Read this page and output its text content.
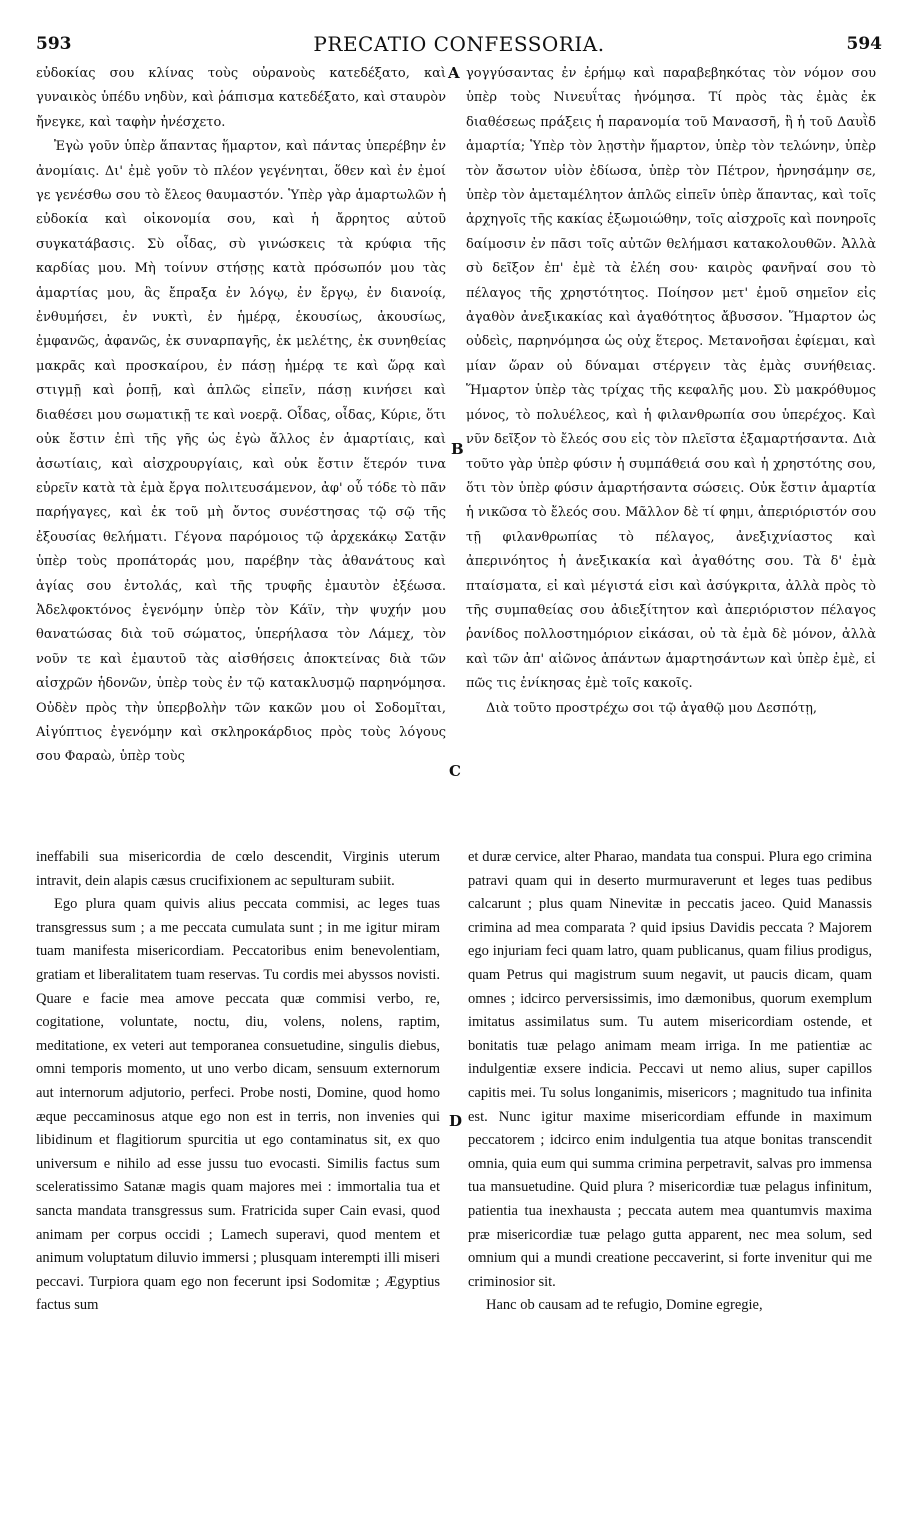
593	PRECATIO CONFESSORIA.	594

εὐδοκίας σου κλίνας τοὺς οὐρανοὺς κατεδέξατο, καὶ γυναικὸς ὑπέδυ νηδὺν, καὶ ῥάπισμα κατεδέξατο, καὶ σταυρὸν ἤνεγκε, καὶ ταφὴν ἠνέσχετο.

Ἐγὼ γοῦν ὑπὲρ ἅπαντας ἥμαρτον, καὶ πάντας ὑπερέβην ἐν ἀνομίαις. Δι' ἐμὲ γοῦν τὸ πλέον γεγένηται, ὅθεν καὶ ἐν ἐμοί γε γενέσθω σου τὸ ἔλεος θαυμαστόν. Ὑπὲρ γὰρ ἁμαρτωλῶν ἡ εὐδοκία καὶ οἰκονομία σου, καὶ ἡ ἄρρητος αὐτοῦ συγκατάβασις. Σὺ οἶδας, σὺ γινώσκεις τὰ κρύφια τῆς καρδίας μου. Μὴ τοίνυν στήσῃς κατὰ πρόσωπόν μου τὰς ἁμαρτίας μου, ἃς ἔπραξα ἐν λόγῳ, ἐν ἔργῳ, ἐν διανοίᾳ, ἐνθυμήσει, ἐν νυκτὶ, ἐν ἡμέρᾳ, ἑκουσίως, ἀκουσίως, ἐμφανῶς, ἀφανῶς, ἐκ συναρπαγῆς, ἐκ μελέτης, ἐκ συνηθείας μακρᾶς καὶ προσκαίρου, ἐν πάσῃ ἡμέρᾳ τε καὶ ὥρᾳ καὶ στιγμῇ καὶ ῥοπῇ, καὶ ἁπλῶς εἰπεῖν, πάσῃ κινήσει καὶ διαθέσει μου σωματικῇ τε καὶ νοερᾷ. Οἶδας, οἶδας, Κύριε, ὅτι οὐκ ἔστιν ἐπὶ τῆς γῆς ὡς ἐγὼ ἄλλος ἐν ἁμαρτίαις, καὶ ἀσωτίαις, καὶ αἰσχρουργίαις, καὶ οὐκ ἔστιν ἕτερόν τινα εὑρεῖν κατὰ τὰ ἐμὰ ἔργα πολιτευσάμενον, ἀφ' οὗ τόδε τὸ πᾶν παρήγαγες, καὶ ἐκ τοῦ μὴ ὄντος συνέστησας τῷ σῷ τῆς ἐξουσίας θελήματι. Γέγονα παρόμοιος τῷ ἀρχεκάκῳ Σατᾷν ὑπὲρ τοὺς προπάτοράς μου, παρέβην τὰς ἀθανάτους καὶ ἁγίας σου ἐντολάς, καὶ τῆς τρυφῆς ἐμαυτὸν ἐξέωσα. Ἀδελφοκτόνος ἐγενόμην ὑπὲρ τὸν Κάϊν, τὴν ψυχήν μου θανατώσας διὰ τοῦ σώματος, ὑπερήλασα τὸν Λάμεχ, τὸν νοῦν τε καὶ ἐμαυτοῦ τὰς αἰσθήσεις ἀποκτείνας διὰ τῶν αἰσχρῶν ἡδονῶν, ὑπὲρ τοὺς ἐν τῷ κατακλυσμῷ παρηνόμησα. Οὐδὲν πρὸς τὴν ὑπερβολὴν τῶν κακῶν μου οἱ Σοδομῖται, Αἰγύπτιος ἐγενόμην καὶ σκληροκάρδιος πρὸς τοὺς λόγους σου Φαραὼ, ὑπὲρ τοὺς

γογγύσαντας ἐν ἐρήμῳ καὶ παραβεβηκότας τὸν νόμον σου ὑπὲρ τοὺς Νινευΐτας ἠνόμησα. Τί πρὸς τὰς ἐμὰς ἐκ διαθέσεως πράξεις ἡ παρανομία τοῦ Μανασσῆ, ἢ ἡ τοῦ Δαυῒδ ἁμαρτία; Ὑπὲρ τὸν λῃστὴν ἥμαρτον, ὑπὲρ τὸν τελώνην, ὑπὲρ τὸν ἄσωτον υἱὸν ἐδίωσα, ὑπὲρ τὸν Πέτρον, ἠρνησάμην σε, ὑπὲρ τὸν ἀμεταμέλητον ἁπλῶς εἰπεῖν ὑπὲρ ἅπαντας, καὶ τοῖς ἀρχηγοῖς τῆς κακίας ἐξωμοιώθην, τοῖς αἰσχροῖς καὶ πονηροῖς δαίμοσιν ἐν πᾶσι τοῖς αὐτῶν θελήμασι κατακολουθῶν. Ἀλλὰ σὺ δεῖξον ἐπ' ἐμὲ τὰ ἐλέη σου· καιρὸς φανῆναί σου τὸ πέλαγος τῆς χρηστότητος. Ποίησον μετ' ἐμοῦ σημεῖον εἰς ἀγαθὸν ἀνεξικακίας καὶ ἀγαθότητος ἄβυσσον. Ἥμαρτον ὡς οὐδεὶς, παρηνόμησα ὡς οὐχ ἕτερος. Μετανοῆσαι ἐφίεμαι, καὶ μίαν ὥραν οὐ δύναμαι στέργειν τὰς ἐμὰς συνήθειας. Ἥμαρτον ὑπὲρ τὰς τρίχας τῆς κεφαλῆς μου. Σὺ μακρόθυμος μόνος, τὸ πολυέλεος, καὶ ἡ φιλανθρωπία σου ὑπερέχος. Καὶ νῦν δεῖξον τὸ ἔλεός σου εἰς τὸν πλεῖστα ἐξαμαρτήσαντα. Διὰ τοῦτο γὰρ ὑπὲρ φύσιν ἡ συμπάθειά σου καὶ ἡ χρηστότης σου, ὅτι τὸν ὑπὲρ φύσιν ἁμαρτήσαντα σώσεις. Οὐκ ἔστιν ἁμαρτία ἡ νικῶσα τὸ ἔλεός σου. Μᾶλλον δὲ τί φημι, ἀπεριόριστόν σου τῇ φιλανθρωπίας τὸ πέλαγος, ἀνεξιχνίαστος καὶ ἀπερινόητος ἡ ἀνεξικακία καὶ ἀγαθότης σου. Τὰ δ' ἐμὰ πταίσματα, εἰ καὶ μέγιστά εἰσι καὶ ἀσύγκριτα, ἀλλὰ πρὸς τὸ τῆς συμπαθείας σου ἀδιεξίτητον καὶ ἀπεριόριστον πέλαγος ῥανίδος πολλοστημόριον εἰκάσαι, οὐ τὰ ἐμὰ δὲ μόνον, ἀλλὰ καὶ τῶν ἀπ' αἰῶνος ἁπάντων ἁμαρτησάντων καὶ ὑπὲρ ἐμὲ, εἰ πῶς τις ἐνίκησας ἐμὲ τοῖς κακοῖς.

Διὰ τοῦτο προστρέχω σοι τῷ ἀγαθῷ μου Δεσπότῃ,

A
B
C
D

ineffabili sua misericordia de cœlo descendit, Virginis uterum intravit, dein alapis cæsus crucifixionem ac sepulturam subiit.

Ego plura quam quivis alius peccata commisi, ac leges tuas transgressus sum ; a me peccata cumulata sunt ; in me igitur miram tuam manifesta misericordiam. Peccatoribus enim benevolentiam, gratiam et liberalitatem tuam reservas. Tu cordis mei abyssos novisti. Quare e facie mea amove peccata quæ commisi verbo, re, cogitatione, voluntate, noctu, diu, volens, nolens, raptim, meditatione, ex veteri aut temporanea consuetudine, singulis diebus, omni temporis momento, ut uno verbo dicam, sensuum externorum aut internorum adjutorio, perfeci. Probe nosti, Domine, quod homo æque peccaminosus atque ego non est in terris, non invenies qui libidinum et flagitiorum spurcitia ut ego contaminatus sit, ex quo universum e nihilo ad esse jussu tuo evocasti. Similis factus sum sceleratissimo Satanæ magis quam majores mei : immortalia tua et sancta mandata transgressus sum. Fratricida super Cain evasi, quod animam per corpus occidi ; Lamech superavi, quod mentem et animum voluptatum diluvio immersi ; plusquam interempti illi miseri peccavi. Turpiora quam ego non fecerunt ipsi Sodomitæ ; Ægyptius factus sum

et duræ cervice, alter Pharao, mandata tua conspui. Plura ego crimina patravi quam qui in deserto murmuraverunt et leges tuas pedibus calcarunt ; plus quam Ninevitæ in peccatis jaceo. Quid Manassis crimina ad mea comparata ? quid ipsius Davidis peccata ? Majorem ego injuriam feci quam latro, quam publicanus, quam filius prodigus, quam Petrus qui magistrum suum negavit, ut paucis dicam, quam omnes ; idcirco perversissimis, imo dæmonibus, quorum exemplum imitatus assimilatus sum. Tu autem misericordiam ostende, et bonitatis tuæ pelago animam meam irriga. In me patientiæ ac indulgentiæ exsere indicia. Peccavi ut nemo alius, super capillos capitis mei. Tu solus longanimis, misericors ; magnitudo tua infinita est. Nunc igitur maxime misericordiam effunde in maximum peccatorem ; idcirco enim indulgentia tua atque bonitas transcendit omnia, quia eum qui summa crimina perpetravit, salvas pro immensa tua mansuetudine. Quid plura ? misericordiæ tuæ pelagus infinitum, patientia tua inexhausta ; peccata autem mea quantumvis maxima præ misericordiæ tuæ pelago gutta apparent, nec mea solum, sed omnium qui a mundi creatione peccaverint, si forte invenitur qui me criminosior sit.

Hanc ob causam ad te refugio, Domine egregie,
